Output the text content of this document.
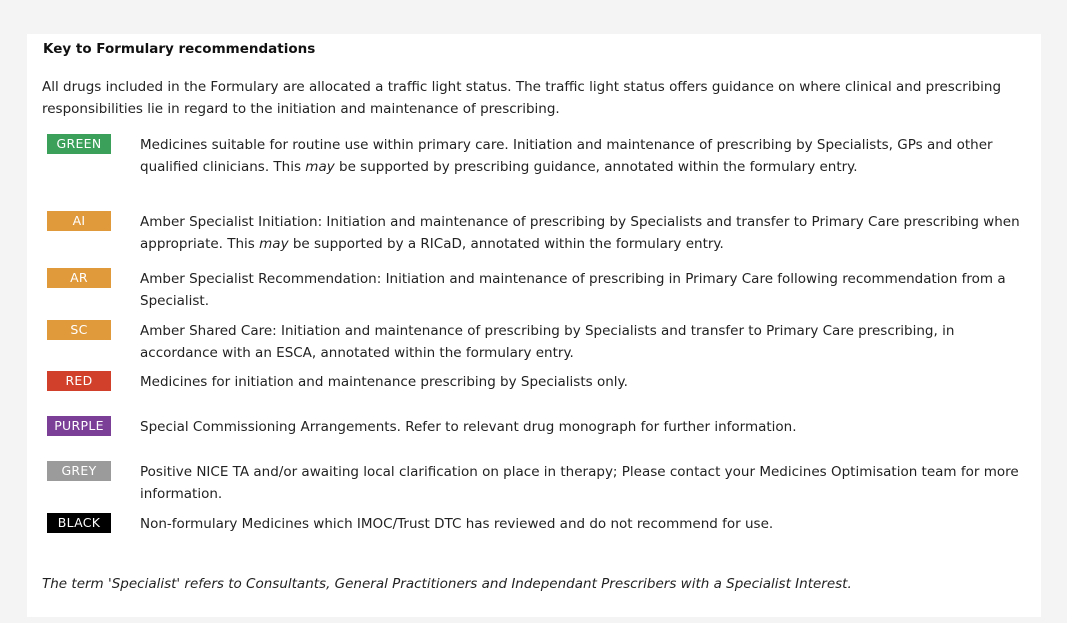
Key to Formulary recommendations
All drugs included in the Formulary are allocated a traffic light status. The traffic light status offers guidance on where clinical and prescribing responsibilities lie in regard to the initiation and maintenance of prescribing.
GREEN	Medicines suitable for routine use within primary care. Initiation and maintenance of prescribing by Specialists, GPs and other qualified clinicians. This may be supported by prescribing guidance, annotated within the formulary entry.
AI	Amber Specialist Initiation: Initiation and maintenance of prescribing by Specialists and transfer to Primary Care prescribing when appropriate. This may be supported by a RICaD, annotated within the formulary entry.
AR	Amber Specialist Recommendation: Initiation and maintenance of prescribing in Primary Care following recommendation from a Specialist.
SC	Amber Shared Care: Initiation and maintenance of prescribing by Specialists and transfer to Primary Care prescribing, in accordance with an ESCA, annotated within the formulary entry.
RED	Medicines for initiation and maintenance prescribing by Specialists only.
PURPLE	Special Commissioning Arrangements. Refer to relevant drug monograph for further information.
GREY	Positive NICE TA and/or awaiting local clarification on place in therapy; Please contact your Medicines Optimisation team for more information.
BLACK	Non-formulary Medicines which IMOC/Trust DTC has reviewed and do not recommend for use.
The term 'Specialist' refers to Consultants, General Practitioners and Independant Prescribers with a Specialist Interest.
